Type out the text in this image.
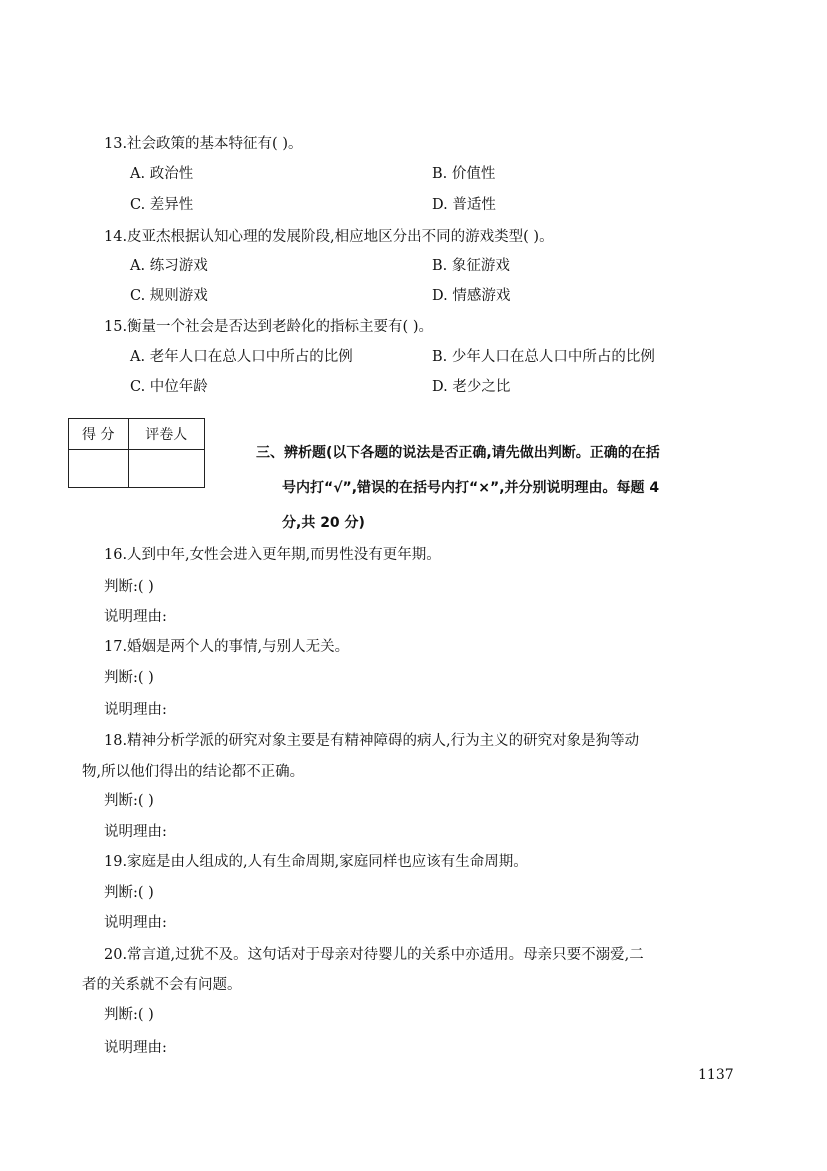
13.社会政策的基本特征有( )。
A. 政治性	B. 价值性
C. 差异性	D. 普适性
14.皮亚杰根据认知心理的发展阶段,相应地区分出不同的游戏类型( )。
A. 练习游戏	B. 象征游戏
C. 规则游戏	D. 情感游戏
15.衡量一个社会是否达到老龄化的指标主要有( )。
A. 老年人口在总人口中所占的比例	B. 少年人口在总人口中所占的比例
C. 中位年龄	D. 老少之比
得 分	评卷人

三、辨析题(以下各题的说法是否正确,请先做出判断。正确的在括
号内打“√”,错误的在括号内打“×”,并分别说明理由。每题 4
分,共 20 分)
16.人到中年,女性会进入更年期,而男性没有更年期。
判断:( )
说明理由:
17.婚姻是两个人的事情,与别人无关。
判断:( )
说明理由:
18.精神分析学派的研究对象主要是有精神障碍的病人,行为主义的研究对象是狗等动
物,所以他们得出的结论都不正确。
判断:( )
说明理由:
19.家庭是由人组成的,人有生命周期,家庭同样也应该有生命周期。
判断:( )
说明理由:
20.常言道,过犹不及。这句话对于母亲对待婴儿的关系中亦适用。母亲只要不溺爱,二
者的关系就不会有问题。
判断:( )
说明理由:
1137
